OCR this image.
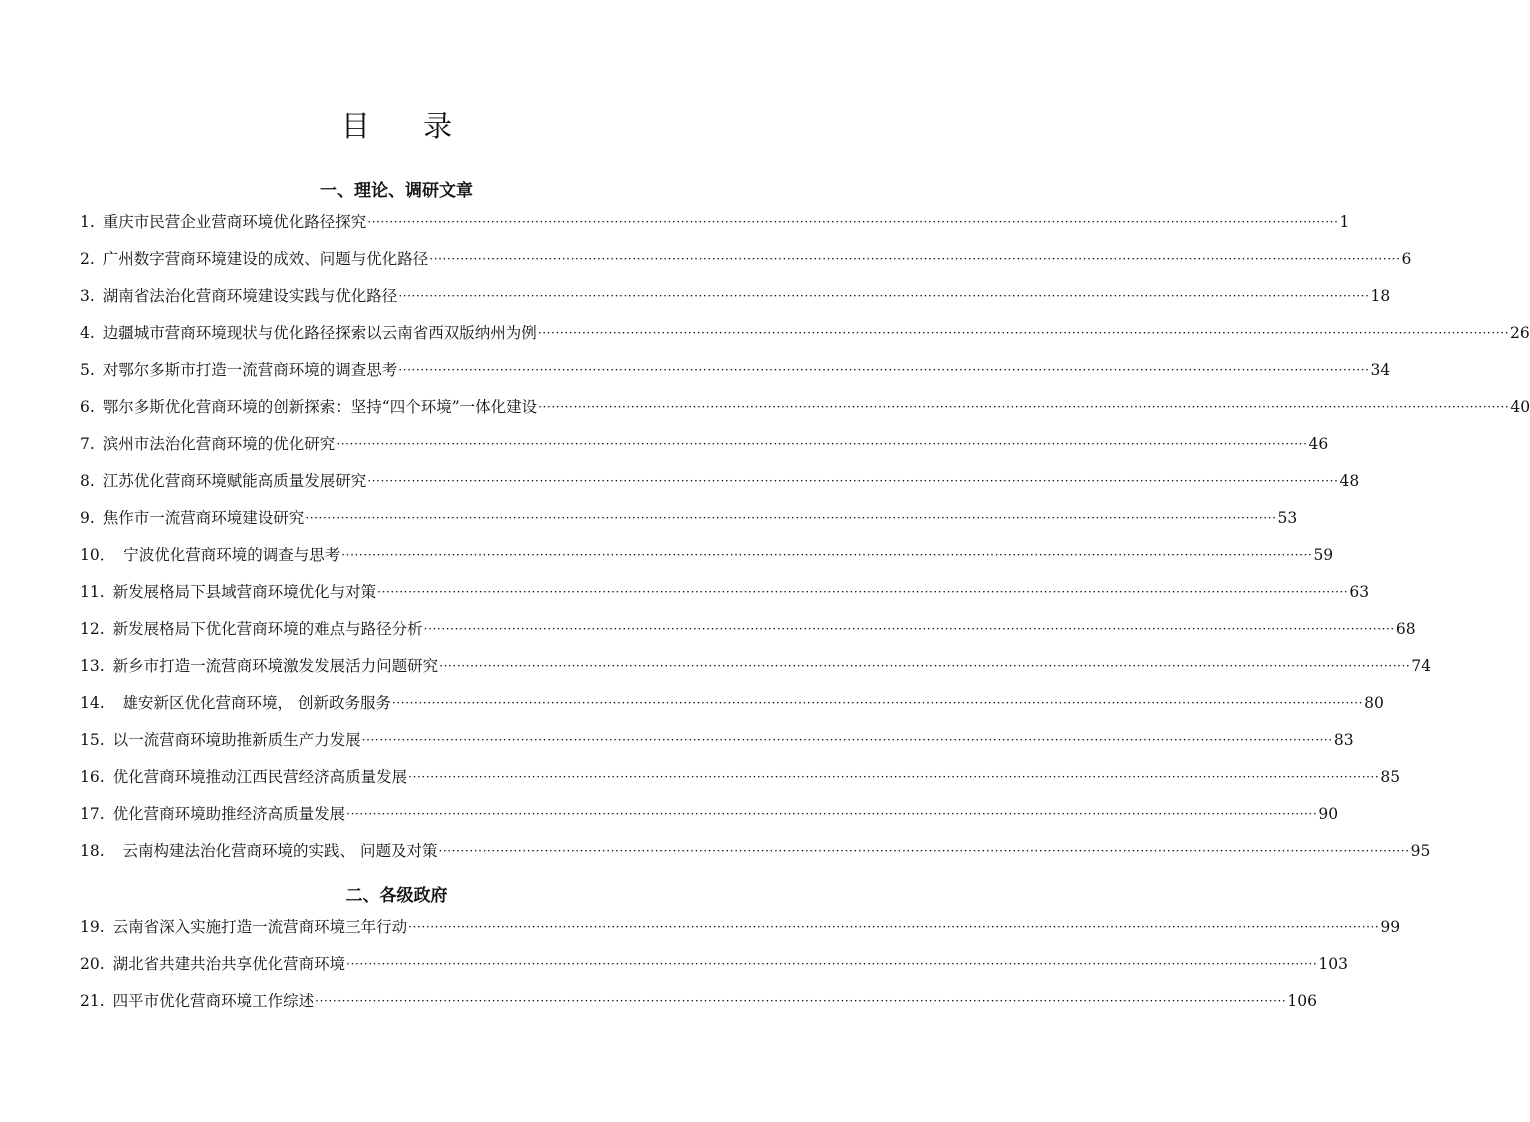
目 录
一、理论、调研文章
1. 重庆市民营企业营商环境优化路径探究 ···························································································································································································································· 1
2. 广州数字营商环境建设的成效、问题与优化路径 ···························································································································································································································· 6
3. 湖南省法治化营商环境建设实践与优化路径 ···························································································································································································································· 18
4. 边疆城市营商环境现状与优化路径探索以云南省西双版纳州为例 ···························································································································································································································· 26
5. 对鄂尔多斯市打造一流营商环境的调查思考 ···························································································································································································································· 34
6. 鄂尔多斯优化营商环境的创新探索：坚持“四个环境”一体化建设 ···························································································································································································································· 40
7. 滨州市法治化营商环境的优化研究 ···························································································································································································································· 46
8. 江苏优化营商环境赋能高质量发展研究 ···························································································································································································································· 48
9. 焦作市一流营商环境建设研究 ···························································································································································································································· 53
10． 宁波优化营商环境的调查与思考 ···························································································································································································································· 59
11. 新发展格局下县域营商环境优化与对策 ···························································································································································································································· 63
12. 新发展格局下优化营商环境的难点与路径分析 ···························································································································································································································· 68
13. 新乡市打造一流营商环境激发发展活力问题研究 ···························································································································································································································· 74
14. 雄安新区优化营商环境， 创新政务服务 ···························································································································································································································· 80
15. 以一流营商环境助推新质生产力发展 ···························································································································································································································· 83
16. 优化营商环境推动江西民营经济高质量发展 ···························································································································································································································· 85
17. 优化营商环境助推经济高质量发展 ···························································································································································································································· 90
18. 云南构建法治化营商环境的实践、 问题及对策 ···························································································································································································································· 95
二、各级政府
19. 云南省深入实施打造一流营商环境三年行动 ···························································································································································································································· 99
20. 湖北省共建共治共享优化营商环境 ···························································································································································································································· 103
21. 四平市优化营商环境工作综述 ···························································································································································································································· 106
